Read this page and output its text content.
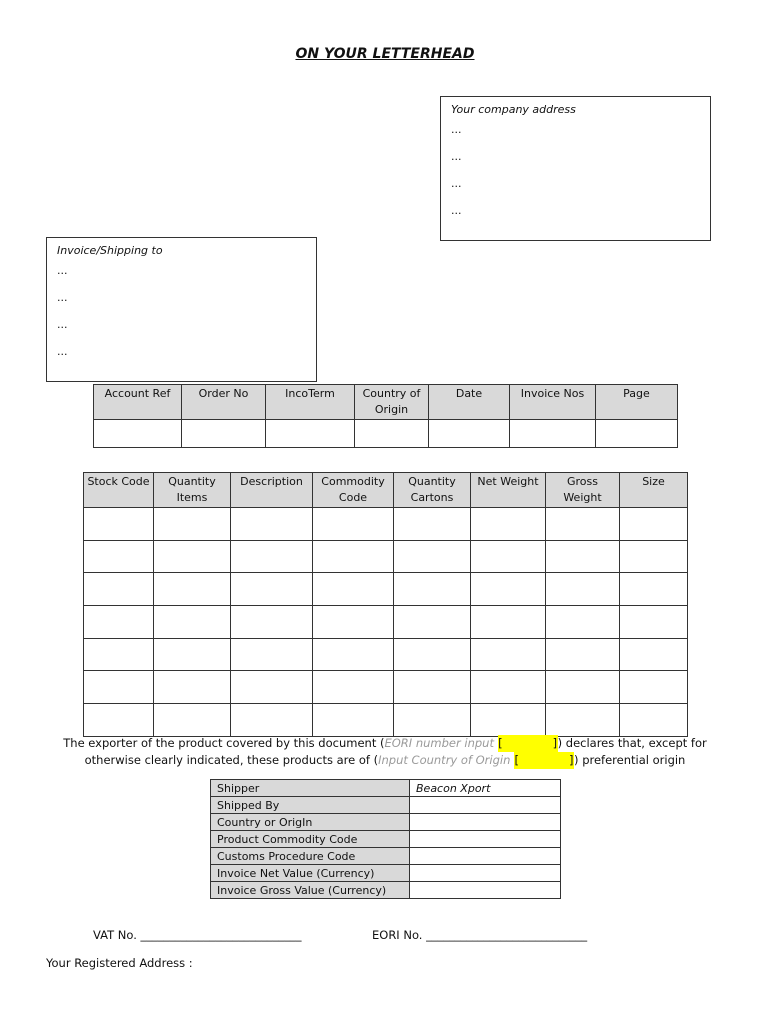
ON YOUR LETTERHEAD
Your company address
...
...
...
...
Invoice/Shipping to
...
...
...
...
Account Ref	Order No	IncoTerm	Country of Origin	Date	Invoice Nos	Page

Stock Code	Quantity Items	Description	Commodity Code	Quantity Cartons	Net Weight	Gross Weight	Size

The exporter of the product covered by this document (EORI number input [	]) declares that, except for
otherwise clearly indicated, these products are of (Input Country of Origin [	]) preferential origin
Shipper	Beacon Xport
Shipped By	
Country or OrigIn	
Product Commodity Code	
Customs Procedure Code	
Invoice Net Value (Currency)	
Invoice Gross Value (Currency)	
VAT No. ____________________________	EORI No. ____________________________
Your Registered Address :
